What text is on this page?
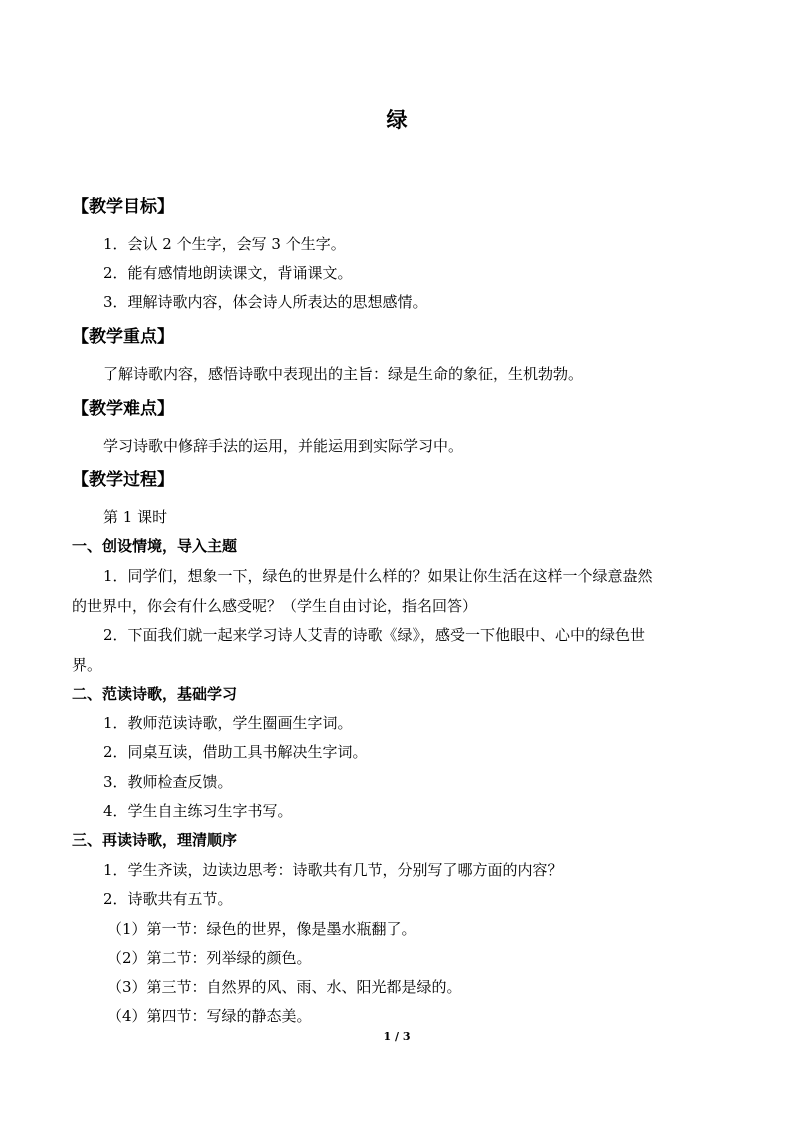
绿
【教学目标】
1．会认 2 个生字，会写 3 个生字。
2．能有感情地朗读课文，背诵课文。
3．理解诗歌内容，体会诗人所表达的思想感情。
【教学重点】
了解诗歌内容，感悟诗歌中表现出的主旨：绿是生命的象征，生机勃勃。
【教学难点】
学习诗歌中修辞手法的运用，并能运用到实际学习中。
【教学过程】
第 1 课时
一、创设情境，导入主题
1．同学们，想象一下，绿色的世界是什么样的？如果让你生活在这样一个绿意盎然
的世界中，你会有什么感受呢？（学生自由讨论，指名回答）
2．下面我们就一起来学习诗人艾青的诗歌《绿》，感受一下他眼中、心中的绿色世
界。
二、范读诗歌，基础学习
1．教师范读诗歌，学生圈画生字词。
2．同桌互读，借助工具书解决生字词。
3．教师检查反馈。
4．学生自主练习生字书写。
三、再读诗歌，理清顺序
1．学生齐读，边读边思考：诗歌共有几节，分别写了哪方面的内容？
2．诗歌共有五节。
（1）第一节：绿色的世界，像是墨水瓶翻了。
（2）第二节：列举绿的颜色。
（3）第三节：自然界的风、雨、水、阳光都是绿的。
（4）第四节：写绿的静态美。
1 / 3
